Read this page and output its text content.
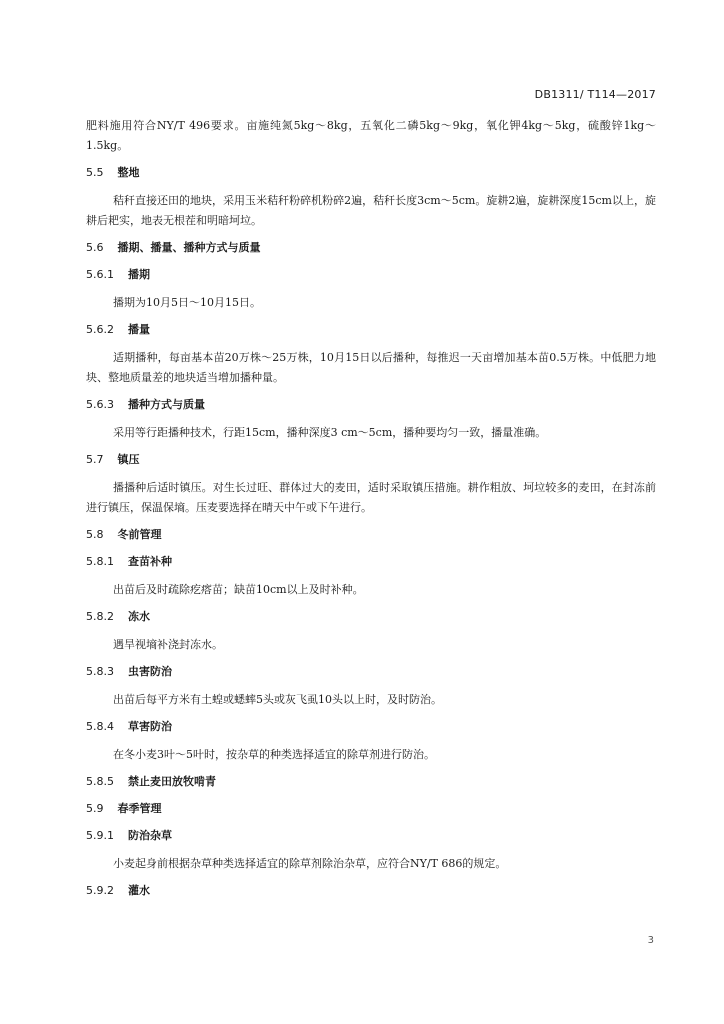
DB1311/ T114—2017

肥料施用符合NY/T 496要求。亩施纯氮5kg～8kg，五氧化二磷5kg～9kg，氧化钾4kg～5kg，硫酸锌1kg～1.5kg。

5.5 整地

秸秆直接还田的地块，采用玉米秸秆粉碎机粉碎2遍，秸秆长度3cm～5cm。旋耕2遍，旋耕深度15cm以上，旋耕后耙实，地表无根茬和明暗坷垃。

5.6 播期、播量、播种方式与质量
5.6.1 播期

播期为10月5日～10月15日。

5.6.2 播量

适期播种，每亩基本苗20万株～25万株，10月15日以后播种，每推迟一天亩增加基本苗0.5万株。中低肥力地块、整地质量差的地块适当增加播种量。

5.6.3 播种方式与质量

采用等行距播种技术，行距15cm，播种深度3 cm～5cm，播种要均匀一致，播量准确。

5.7 镇压

播播种后适时镇压。对生长过旺、群体过大的麦田，适时采取镇压措施。耕作粗放、坷垃较多的麦田，在封冻前进行镇压，保温保墒。压麦要选择在晴天中午或下午进行。

5.8 冬前管理
5.8.1 查苗补种

出苗后及时疏除疙瘩苗；缺苗10cm以上及时补种。

5.8.2 冻水

遇旱视墒补浇封冻水。

5.8.3 虫害防治

出苗后每平方米有土蝗或蟋蟀5头或灰飞虱10头以上时，及时防治。

5.8.4 草害防治

在冬小麦3叶～5叶时，按杂草的种类选择适宜的除草剂进行防治。

5.8.5 禁止麦田放牧啃青
5.9 春季管理
5.9.1 防治杂草

小麦起身前根据杂草种类选择适宜的除草剂除治杂草，应符合NY/T 686的规定。

5.9.2 灌水
3
